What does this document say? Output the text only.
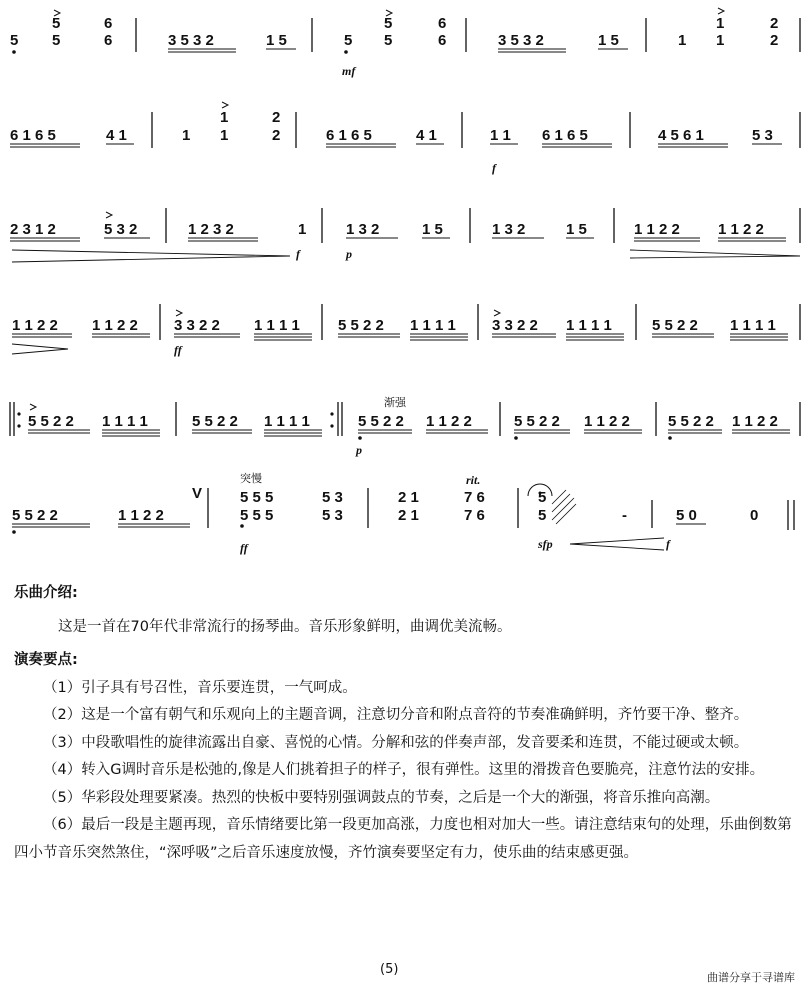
5
5
5
6
6	3 5 3 2	1 5	5
5
5
6
6
mf
3 5 3 2	1 5	1
1
1
2
2
6 1 6 5	4 1	1
1
1
2
2	6 1 6 5	4 1	1 1
f
6 1 6 5	4 5 6 1	5 3
2 3 1 2	5 3 2	1 2 3 2	1
f
1 3 2
p
1 5	1 3 2	1 5	1 1 2 2	1 1 2 2
1 1 2 2 1 1 2 2 3 3 2 2
ff
1 1 1 1	5 5 2 2 1 1 1 1 3 3 2 2 1 1 1 1	5 5 2 2 1 1 1 1
5 5 2 2 1 1 1 1	5 5 2 2 1 1 1 1
渐强
5 5 2 2
p
1 1 2 2	5 5 2 2 1 1 2 2	5 5 2 2 1 1 2 2
5 5 2 2	1 1 2 2
V
突慢
5 5 5
5 5 5
5 3
5 3
ff
2 1
2 1
rit.
7 6
7 6
5
5	-	5 0	0
sfp	f

乐曲介绍:

这是一首在70年代非常流行的扬琴曲。音乐形象鲜明，曲调优美流畅。

演奏要点:

（1）引子具有号召性，音乐要连贯，一气呵成。

（2）这是一个富有朝气和乐观向上的主题音调，注意切分音和附点音符的节奏准确鲜明，齐竹要干净、整齐。

（3）中段歌唱性的旋律流露出自豪、喜悦的心情。分解和弦的伴奏声部，发音要柔和连贯，不能过硬或太顿。

（4）转入G调时音乐是松弛的,像是人们挑着担子的样子，很有弹性。这里的滑拨音色要脆亮，注意竹法的安排。

（5）华彩段处理要紧凑。热烈的快板中要特别强调鼓点的节奏，之后是一个大的渐强，将音乐推向高潮。

（6）最后一段是主题再现，音乐情绪要比第一段更加高涨，力度也相对加大一些。请注意结束句的处理，乐曲倒数第四小节音乐突然煞住，“深呼吸”之后音乐速度放慢，齐竹演奏要坚定有力，使乐曲的结束感更强。

(5)
曲谱分享于寻谱库
